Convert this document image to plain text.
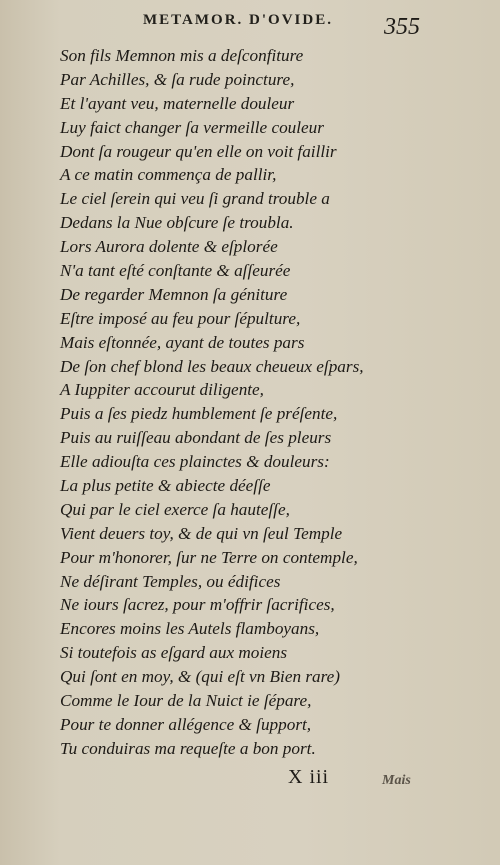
METAMOR. D'OVIDE.	355
Son fils Memnon mis a deſconfiture
Par Achilles, & ſa rude poincture,
Et l'ayant veu, maternelle douleur
Luy faict changer ſa vermeille couleur
Dont ſa rougeur qu'en elle on voit faillir
A ce matin commença de pallir,
Le ciel ſerein qui veu ſi grand trouble a
Dedans la Nue obſcure ſe troubla.
Lors Aurora dolente & eſplorée
N'a tant eſté conſtante & aſſeurée
De regarder Memnon ſa géniture
Eſtre imposé au feu pour ſépulture,
Mais eſtonnée, ayant de toutes pars
De ſon chef blond les beaux cheueux eſpars,
A Iuppiter accourut diligente,
Puis a ſes piedz humblement ſe préſente,
Puis au ruiſſeau abondant de ſes pleurs
Elle adiouſta ces plainctes & douleurs:
La plus petite & abiecte déeſſe
Qui par le ciel exerce ſa hauteſſe,
Vient deuers toy, & de qui vn ſeul Temple
Pour m'honorer, ſur ne Terre on contemple,
Ne déſirant Temples, ou édifices
Ne iours ſacrez, pour m'offrir ſacrifices,
Encores moins les Autels flamboyans,
Si toutefois as eſgard aux moiens
Qui ſont en moy, & (qui eſt vn Bien rare)
Comme le Iour de la Nuict ie ſépare,
Pour te donner allégence & ſupport,
Tu conduiras ma requeſte a bon port.
X iii	Mais
